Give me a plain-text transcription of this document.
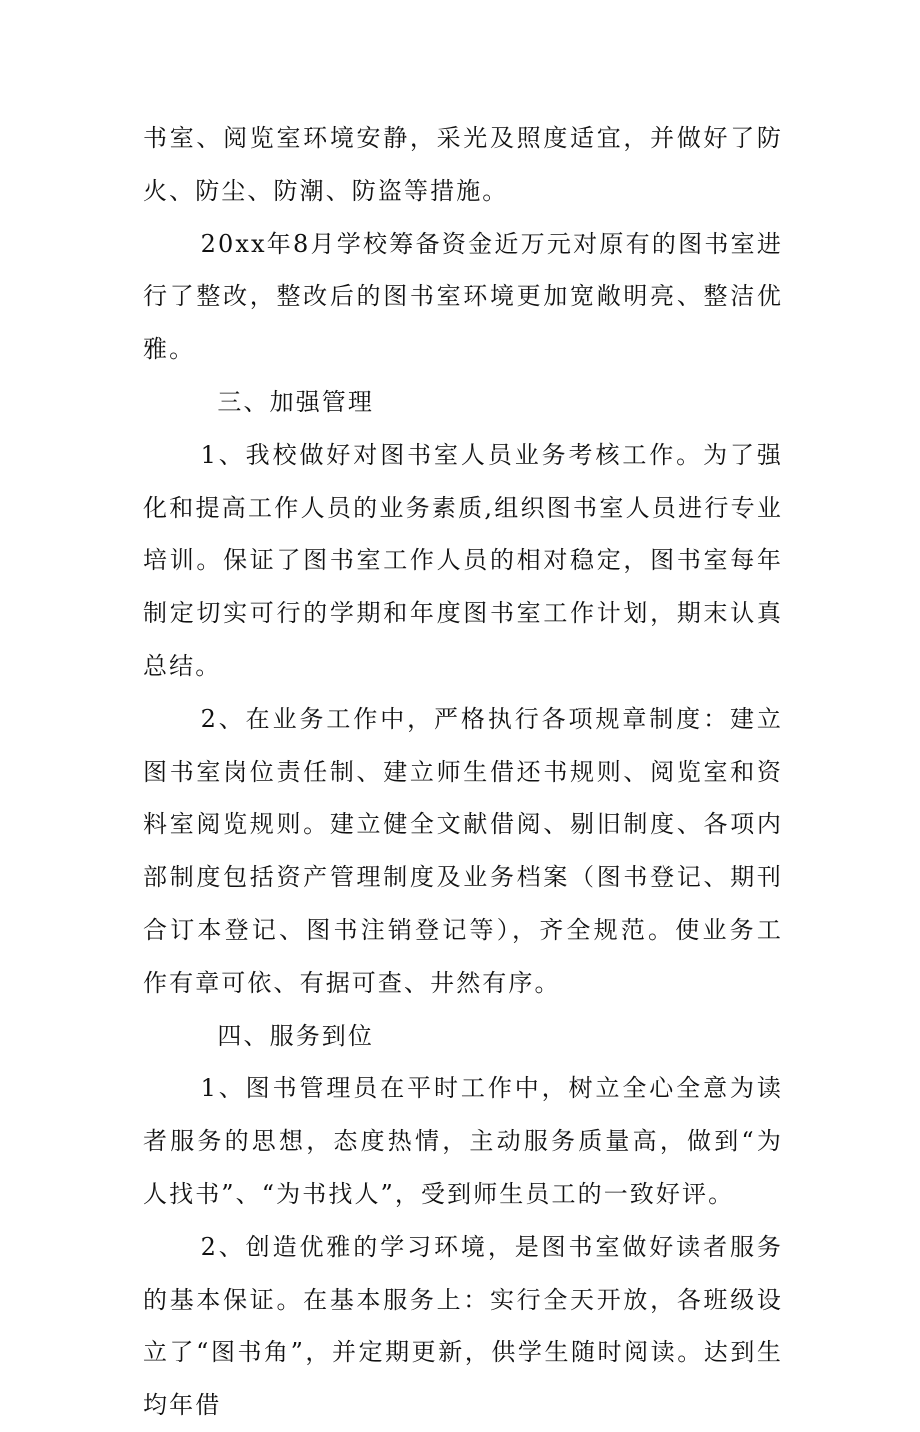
书室、阅览室环境安静，采光及照度适宜，并做好了防火、防尘、防潮、防盗等措施。

20xx年8月学校筹备资金近万元对原有的图书室进行了整改，整改后的图书室环境更加宽敞明亮、整洁优雅。

三、加强管理

1、我校做好对图书室人员业务考核工作。为了强化和提高工作人员的业务素质,组织图书室人员进行专业培训。保证了图书室工作人员的相对稳定，图书室每年制定切实可行的学期和年度图书室工作计划，期末认真总结。

2、在业务工作中，严格执行各项规章制度：建立图书室岗位责任制、建立师生借还书规则、阅览室和资料室阅览规则。建立健全文献借阅、剔旧制度、各项内部制度包括资产管理制度及业务档案（图书登记、期刊合订本登记、图书注销登记等），齐全规范。使业务工作有章可依、有据可查、井然有序。

四、服务到位

1、图书管理员在平时工作中，树立全心全意为读者服务的思想，态度热情，主动服务质量高，做到“为人找书”、“为书找人”，受到师生员工的一致好评。

2、创造优雅的学习环境，是图书室做好读者服务的基本保证。在基本服务上：实行全天开放，各班级设立了“图书角”，并定期更新，供学生随时阅读。达到生均年借
